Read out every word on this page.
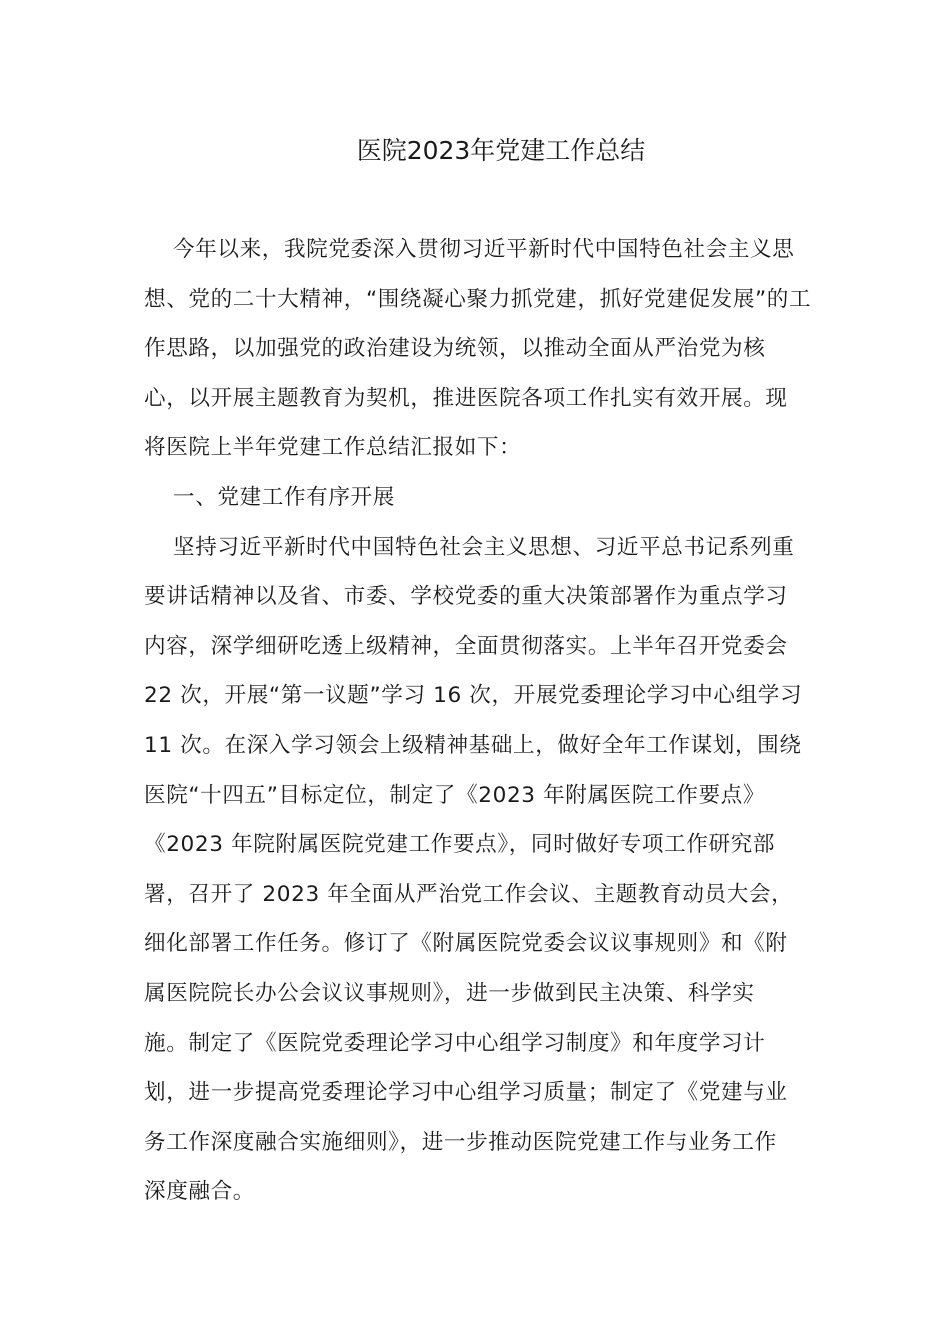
医院2023年党建工作总结
今年以来，我院党委深入贯彻习近平新时代中国特色社会主义思
想、党的二十大精神，“围绕凝心聚力抓党建，抓好党建促发展”的工
作思路，以加强党的政治建设为统领，以推动全面从严治党为核
心，以开展主题教育为契机，推进医院各项工作扎实有效开展。现
将医院上半年党建工作总结汇报如下：
一、党建工作有序开展
坚持习近平新时代中国特色社会主义思想、习近平总书记系列重
要讲话精神以及省、市委、学校党委的重大决策部署作为重点学习
内容，深学细研吃透上级精神，全面贯彻落实。上半年召开党委会
22 次，开展“第一议题”学习 16 次，开展党委理论学习中心组学习
11 次。在深入学习领会上级精神基础上，做好全年工作谋划，围绕
医院“十四五”目标定位，制定了《2023 年附属医院工作要点》
《2023 年院附属医院党建工作要点》，同时做好专项工作研究部
署，召开了 2023 年全面从严治党工作会议、主题教育动员大会，
细化部署工作任务。修订了《附属医院党委会议议事规则》和《附
属医院院长办公会议议事规则》，进一步做到民主决策、科学实
施。制定了《医院党委理论学习中心组学习制度》和年度学习计
划，进一步提高党委理论学习中心组学习质量；制定了《党建与业
务工作深度融合实施细则》，进一步推动医院党建工作与业务工作
深度融合。
